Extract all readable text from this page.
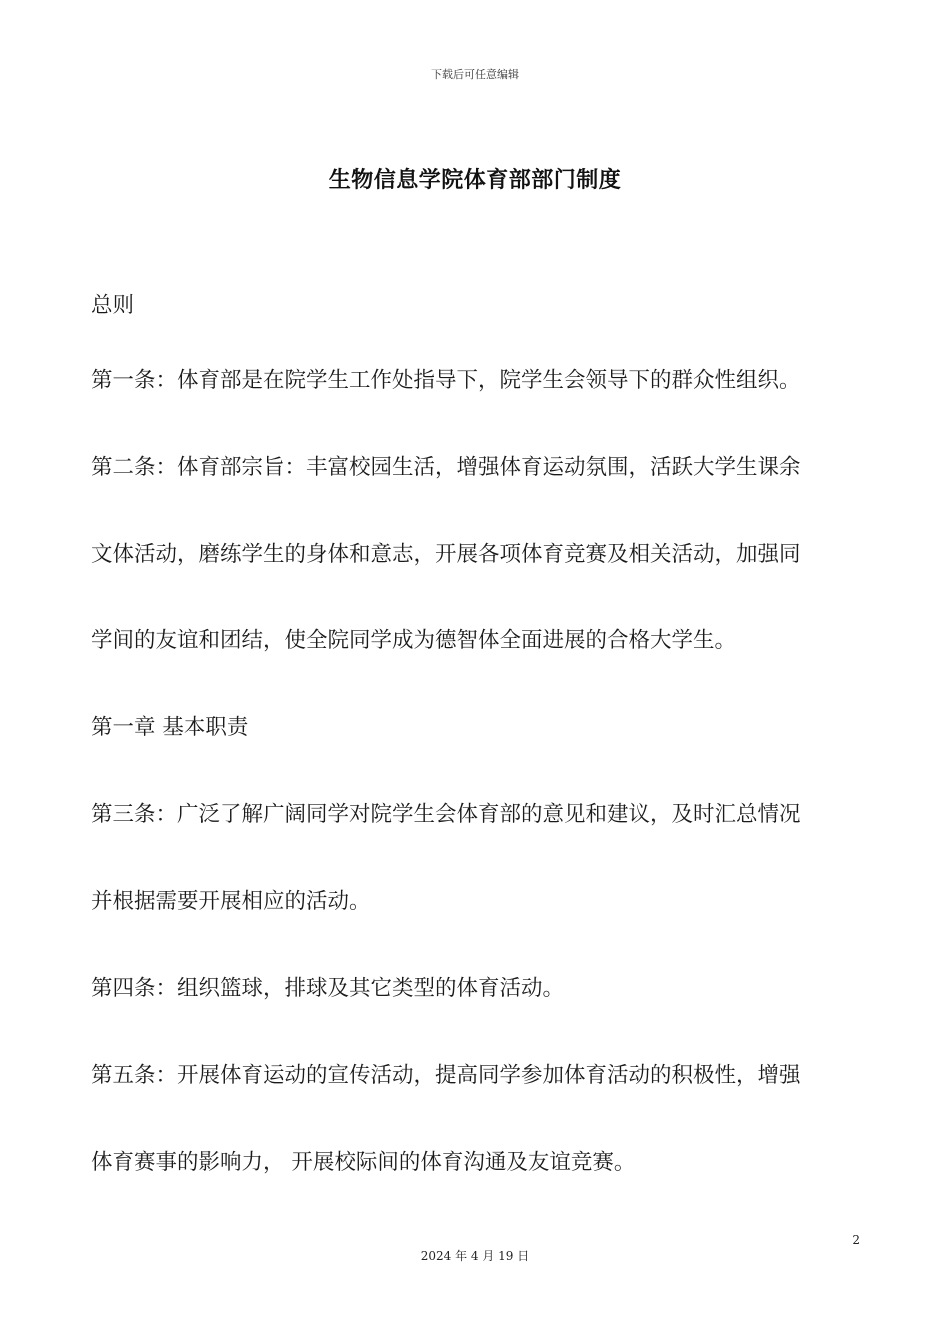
下载后可任意编辑
生物信息学院体育部部门制度
总则
第一条：体育部是在院学生工作处指导下，院学生会领导下的群众性组织。
第二条：体育部宗旨：丰富校园生活，增强体育运动氛围，活跃大学生课余
文体活动，磨练学生的身体和意志，开展各项体育竞赛及相关活动，加强同
学间的友谊和团结，使全院同学成为德智体全面进展的合格大学生。
第一章 基本职责
第三条：广泛了解广阔同学对院学生会体育部的意见和建议，及时汇总情况
并根据需要开展相应的活动。
第四条：组织篮球，排球及其它类型的体育活动。
第五条：开展体育运动的宣传活动，提高同学参加体育活动的积极性，增强
体育赛事的影响力， 开展校际间的体育沟通及友谊竞赛。
2
2024 年 4 月 19 日
